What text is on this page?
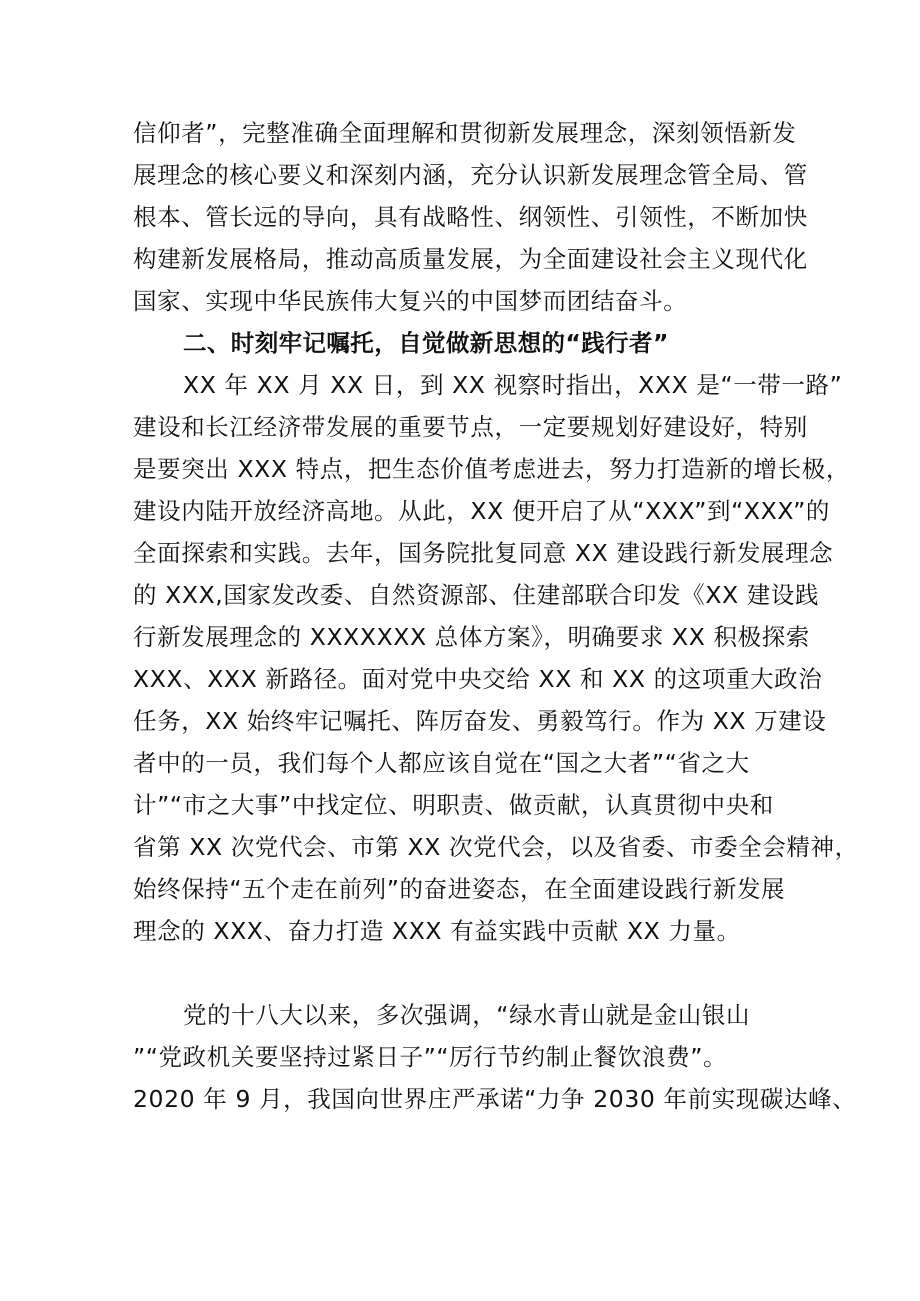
信仰者”，完整准确全面理解和贯彻新发展理念，深刻领悟新发
展理念的核心要义和深刻内涵，充分认识新发展理念管全局、管
根本、管长远的导向，具有战略性、纲领性、引领性，不断加快
构建新发展格局，推动高质量发展，为全面建设社会主义现代化
国家、实现中华民族伟大复兴的中国梦而团结奋斗。
二、时刻牢记嘱托，自觉做新思想的“践行者”
XX 年 XX 月 XX 日，到 XX 视察时指出，XXX 是“一带一路”
建设和长江经济带发展的重要节点，一定要规划好建设好，特别
是要突出 XXX 特点，把生态价值考虑进去，努力打造新的增长极，
建设内陆开放经济高地。从此，XX 便开启了从“XXX”到“XXX”的
全面探索和实践。去年，国务院批复同意 XX 建设践行新发展理念
的 XXX,国家发改委、自然资源部、住建部联合印发《XX 建设践
行新发展理念的 XXXXXXX 总体方案》，明确要求 XX 积极探索
XXX、XXX 新路径。面对党中央交给 XX 和 XX 的这项重大政治
任务，XX 始终牢记嘱托、阵厉奋发、勇毅笃行。作为 XX 万建设
者中的一员，我们每个人都应该自觉在“国之大者”“省之大
计”“市之大事”中找定位、明职责、做贡献，认真贯彻中央和
省第 XX 次党代会、市第 XX 次党代会，以及省委、市委全会精神，
始终保持“五个走在前列”的奋进姿态，在全面建设践行新发展
理念的 XXX、奋力打造 XXX 有益实践中贡献 XX 力量。
党的十八大以来，多次强调，“绿水青山就是金山银山
”“党政机关要坚持过紧日子”“厉行节约制止餐饮浪费”。
2020 年 9 月，我国向世界庄严承诺“力争 2030 年前实现碳达峰、
